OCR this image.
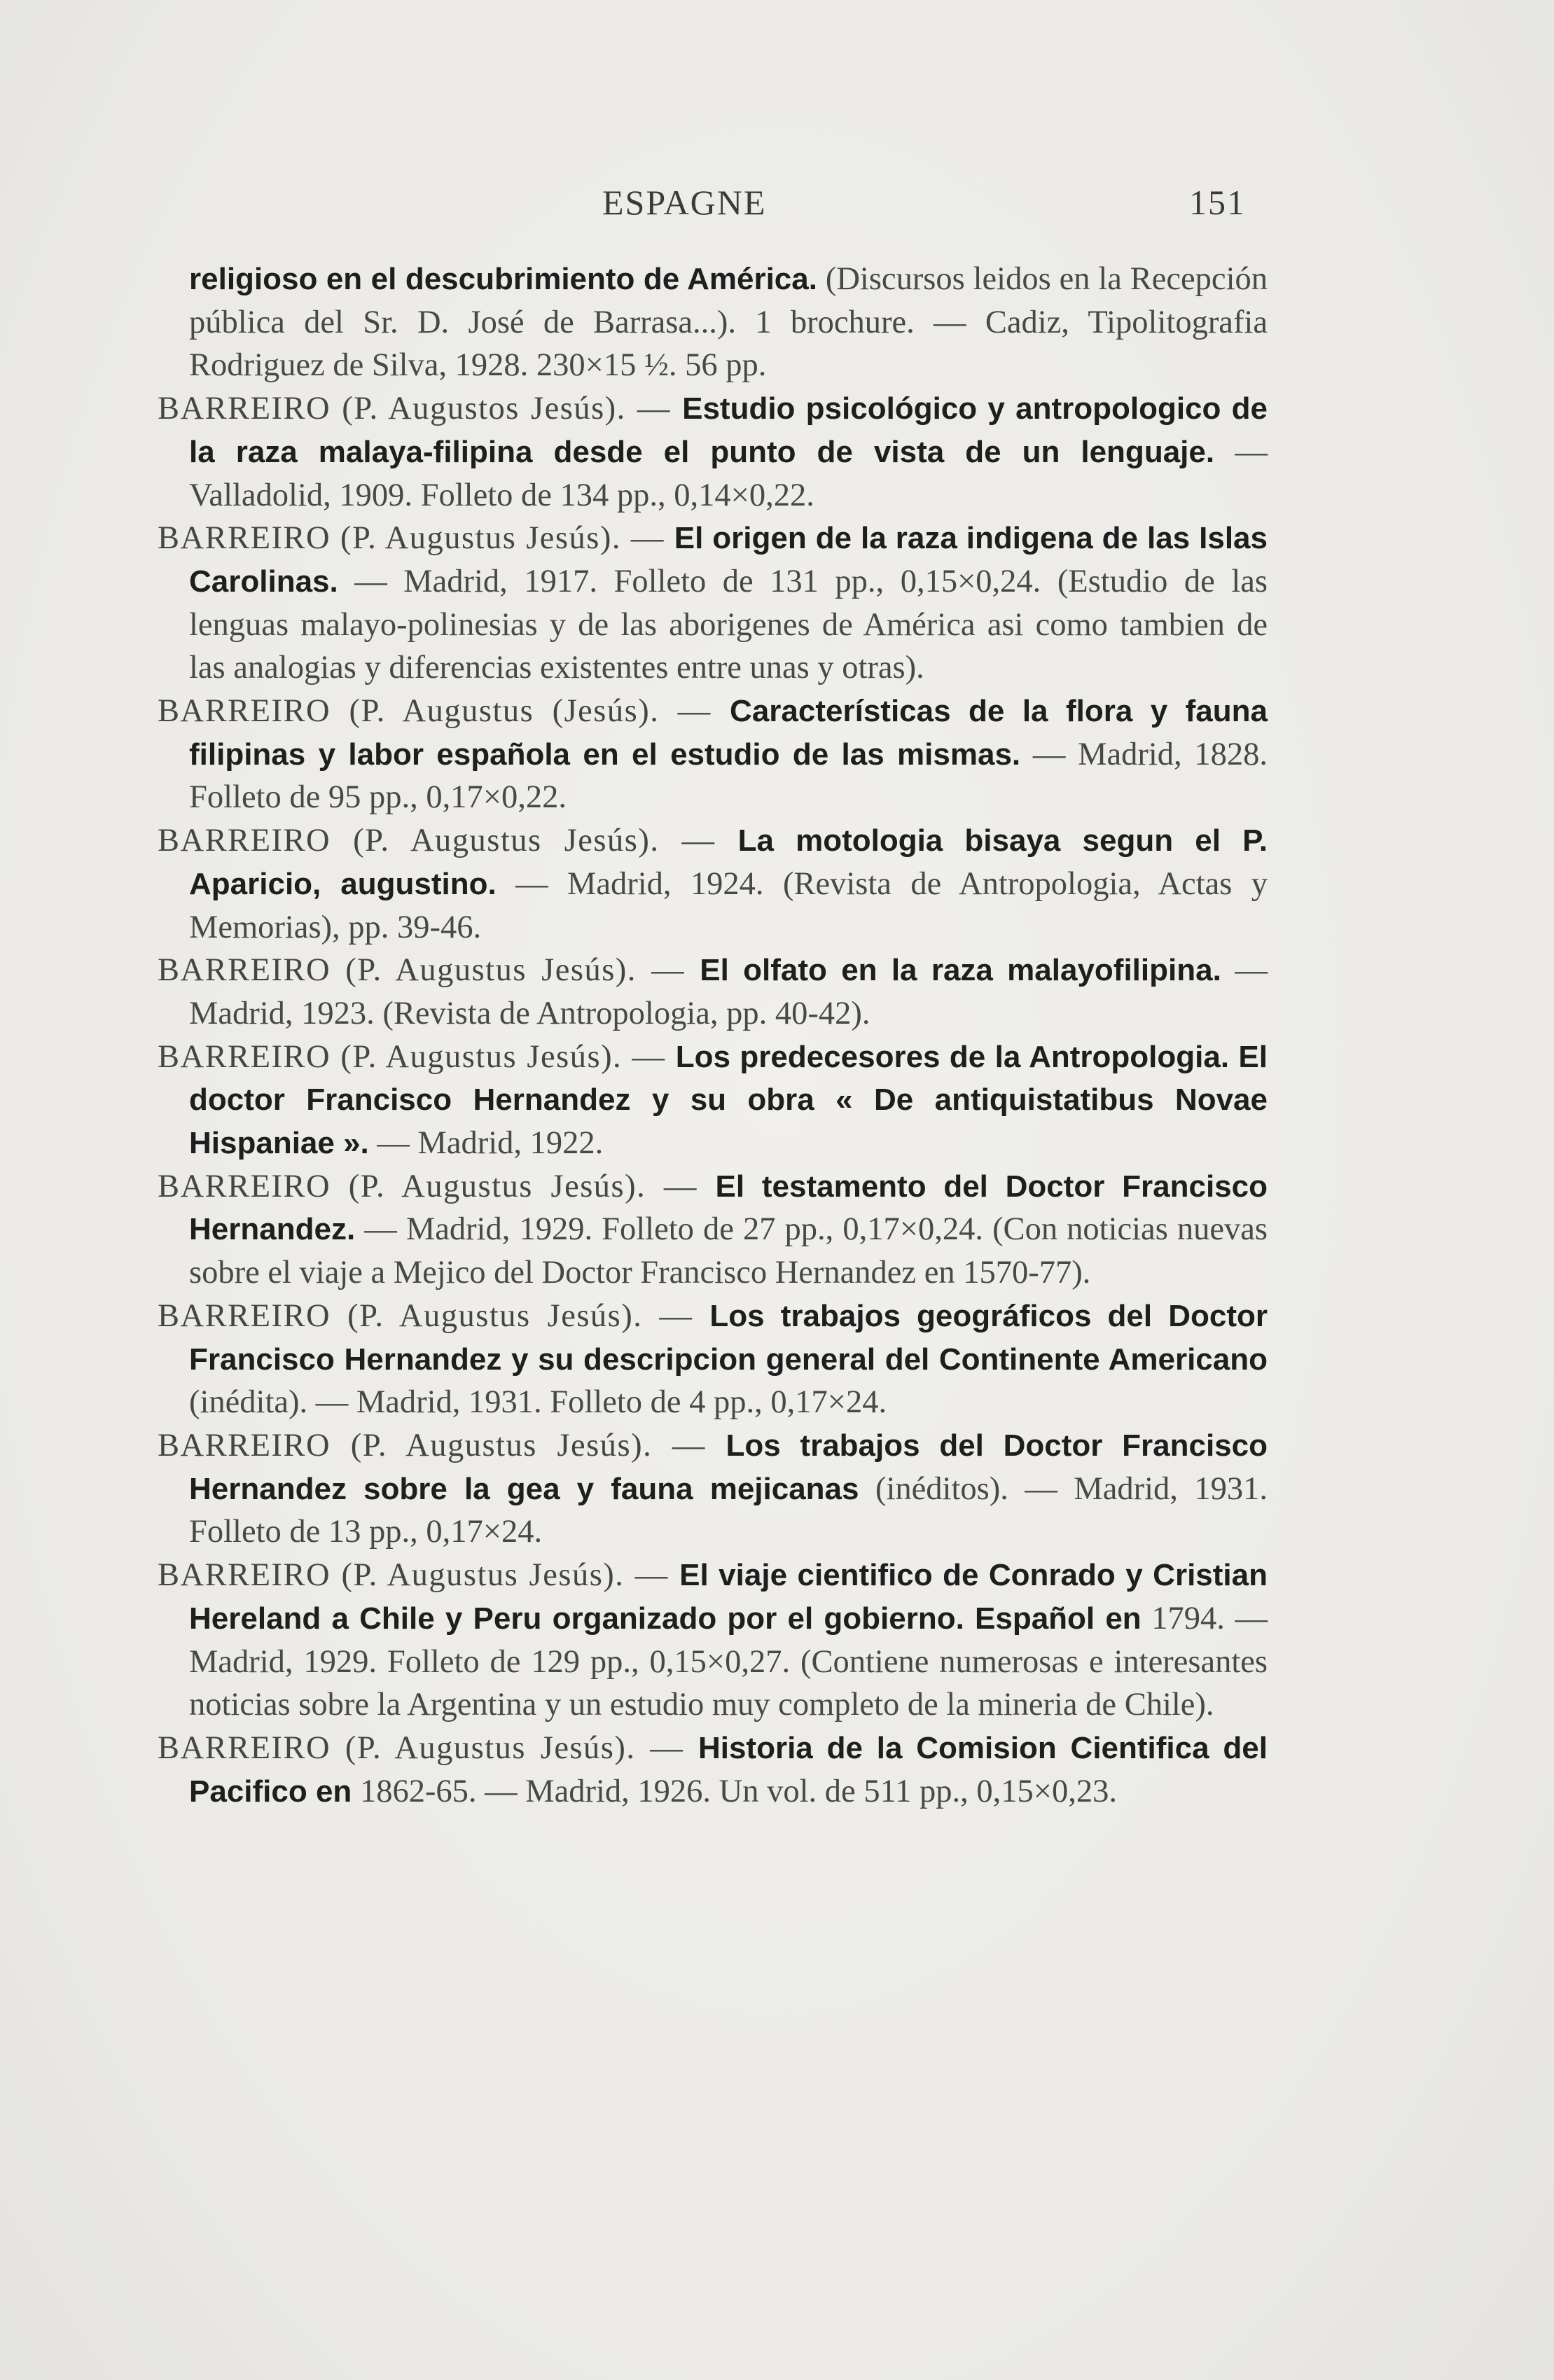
ESPAGNE	151

religioso en el descubrimiento de América. (Discursos leidos en la Recepción pública del Sr. D. José de Barrasa...). 1 brochure. — Cadiz, Tipolitografia Rodriguez de Silva, 1928. 230×15 ½. 56 pp.

BARREIRO (P. Augustos Jesús). — Estudio psicológico y antropologico de la raza malaya-filipina desde el punto de vista de un lenguaje. — Valladolid, 1909. Folleto de 134 pp., 0,14×0,22.

BARREIRO (P. Augustus Jesús). — El origen de la raza indigena de las Islas Carolinas. — Madrid, 1917. Folleto de 131 pp., 0,15×0,24. (Estudio de las lenguas malayo-polinesias y de las aborigenes de América asi como tambien de las analogias y diferencias existentes entre unas y otras).

BARREIRO (P. Augustus (Jesús). — Características de la flora y fauna filipinas y labor española en el estudio de las mismas. — Madrid, 1828. Folleto de 95 pp., 0,17×0,22.

BARREIRO (P. Augustus Jesús). — La motologia bisaya segun el P. Aparicio, augustino. — Madrid, 1924. (Revista de Antropologia, Actas y Memorias), pp. 39-46.

BARREIRO (P. Augustus Jesús). — El olfato en la raza malayofilipina. — Madrid, 1923. (Revista de Antropologia, pp. 40-42).

BARREIRO (P. Augustus Jesús). — Los predecesores de la Antropologia. El doctor Francisco Hernandez y su obra « De antiquistatibus Novae Hispaniae ». — Madrid, 1922.

BARREIRO (P. Augustus Jesús). — El testamento del Doctor Francisco Hernandez. — Madrid, 1929. Folleto de 27 pp., 0,17×0,24. (Con noticias nuevas sobre el viaje a Mejico del Doctor Francisco Hernandez en 1570-77).

BARREIRO (P. Augustus Jesús). — Los trabajos geográficos del Doctor Francisco Hernandez y su descripcion general del Continente Americano (inédita). — Madrid, 1931. Folleto de 4 pp., 0,17×24.

BARREIRO (P. Augustus Jesús). — Los trabajos del Doctor Francisco Hernandez sobre la gea y fauna mejicanas (inéditos). — Madrid, 1931. Folleto de 13 pp., 0,17×24.

BARREIRO (P. Augustus Jesús). — El viaje cientifico de Conrado y Cristian Hereland a Chile y Peru organizado por el gobierno. Español en 1794. — Madrid, 1929. Folleto de 129 pp., 0,15×0,27. (Contiene numerosas e interesantes noticias sobre la Argentina y un estudio muy completo de la mineria de Chile).

BARREIRO (P. Augustus Jesús). — Historia de la Comision Cientifica del Pacifico en 1862-65. — Madrid, 1926. Un vol. de 511 pp., 0,15×0,23.
